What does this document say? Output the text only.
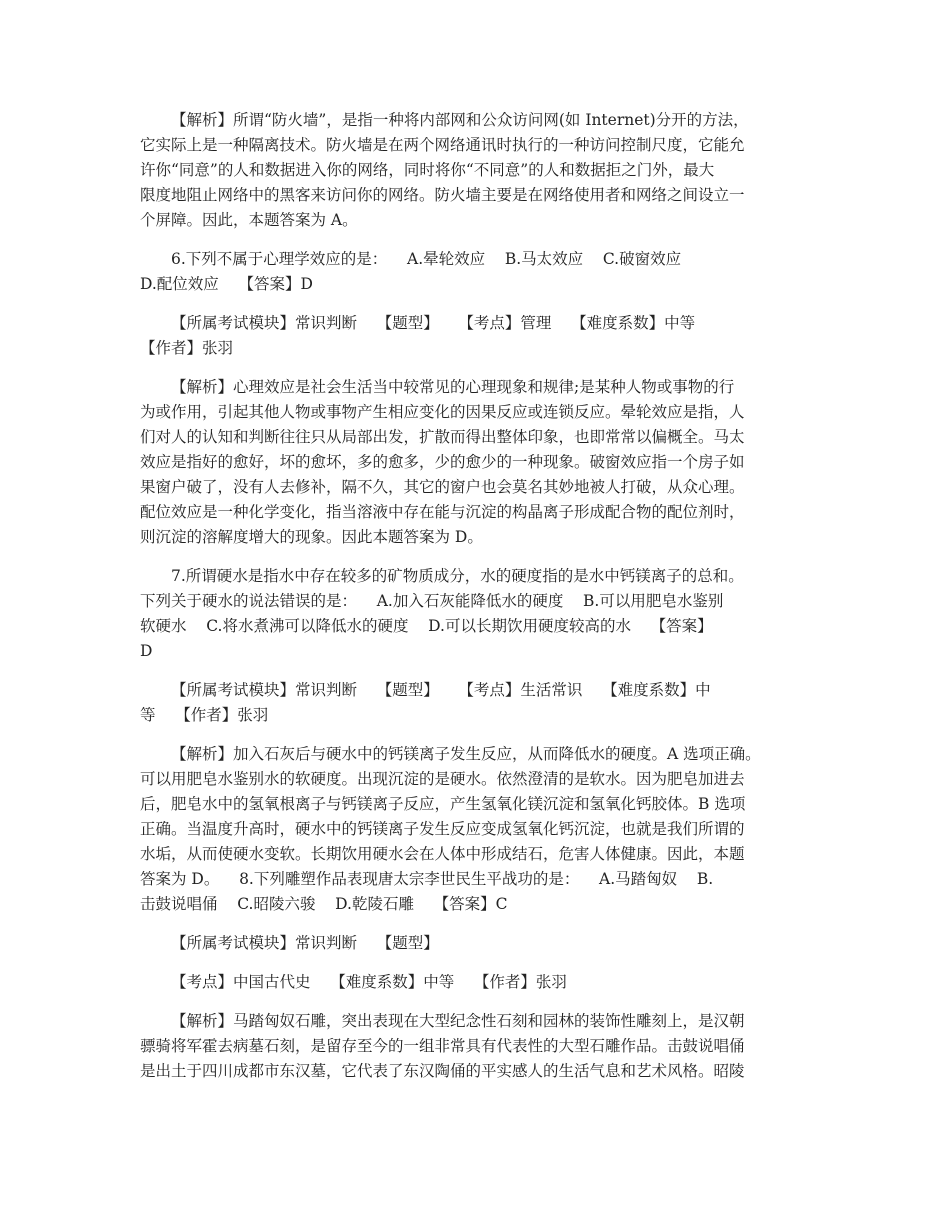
【解析】所谓“防火墙”，是指一种将内部网和公众访问网(如 Internet)分开的方法，
它实际上是一种隔离技术。防火墙是在两个网络通讯时执行的一种访问控制尺度，它能允
许你“同意”的人和数据进入你的网络，同时将你“不同意”的人和数据拒之门外，最大
限度地阻止网络中的黑客来访问你的网络。防火墙主要是在网络使用者和网络之间设立一
个屏障。因此，本题答案为 A。

6.下列不属于心理学效应的是：    A.晕轮效应    B.马太效应    C.破窗效应
D.配位效应    【答案】D

【所属考试模块】常识判断    【题型】    【考点】管理    【难度系数】中等
【作者】张羽

【解析】心理效应是社会生活当中较常见的心理现象和规律;是某种人物或事物的行
为或作用，引起其他人物或事物产生相应变化的因果反应或连锁反应。晕轮效应是指，人
们对人的认知和判断往往只从局部出发，扩散而得出整体印象，也即常常以偏概全。马太
效应是指好的愈好，坏的愈坏，多的愈多，少的愈少的一种现象。破窗效应指一个房子如
果窗户破了，没有人去修补，隔不久，其它的窗户也会莫名其妙地被人打破，从众心理。
配位效应是一种化学变化，指当溶液中存在能与沉淀的构晶离子形成配合物的配位剂时，
则沉淀的溶解度增大的现象。因此本题答案为 D。

7.所谓硬水是指水中存在较多的矿物质成分，水的硬度指的是水中钙镁离子的总和。
下列关于硬水的说法错误的是：    A.加入石灰能降低水的硬度    B.可以用肥皂水鉴别
软硬水    C.将水煮沸可以降低水的硬度    D.可以长期饮用硬度较高的水    【答案】
D

【所属考试模块】常识判断    【题型】    【考点】生活常识    【难度系数】中
等    【作者】张羽

【解析】加入石灰后与硬水中的钙镁离子发生反应，从而降低水的硬度。A 选项正确。
可以用肥皂水鉴别水的软硬度。出现沉淀的是硬水。依然澄清的是软水。因为肥皂加进去
后，肥皂水中的氢氧根离子与钙镁离子反应，产生氢氧化镁沉淀和氢氧化钙胶体。B 选项
正确。当温度升高时，硬水中的钙镁离子发生反应变成氢氧化钙沉淀，也就是我们所谓的
水垢，从而使硬水变软。长期饮用硬水会在人体中形成结石，危害人体健康。因此，本题
答案为 D。    8.下列雕塑作品表现唐太宗李世民生平战功的是：    A.马踏匈奴    B.
击鼓说唱俑    C.昭陵六骏    D.乾陵石雕    【答案】C

【所属考试模块】常识判断    【题型】

【考点】中国古代史    【难度系数】中等    【作者】张羽

【解析】马踏匈奴石雕，突出表现在大型纪念性石刻和园林的装饰性雕刻上，是汉朝
骠骑将军霍去病墓石刻，是留存至今的一组非常具有代表性的大型石雕作品。击鼓说唱俑
是出土于四川成都市东汉墓，它代表了东汉陶俑的平实感人的生活气息和艺术风格。昭陵
